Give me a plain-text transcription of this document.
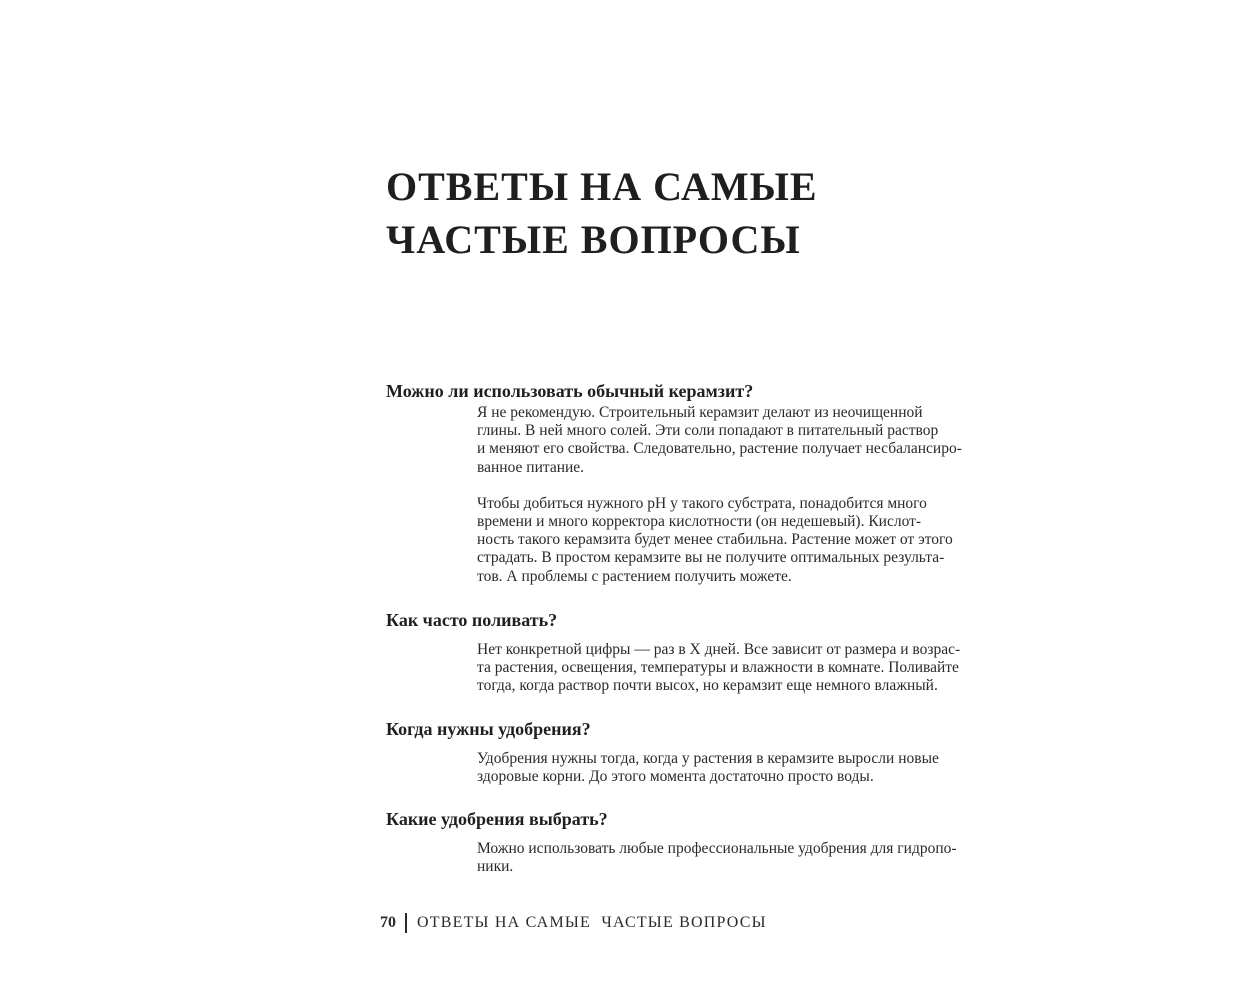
ОТВЕТЫ НА САМЫЕ
ЧАСТЫЕ ВОПРОСЫ
Можно ли использовать обычный керамзит?
Я не рекомендую. Строительный керамзит делают из неочищенной
глины. В ней много солей. Эти соли попадают в питательный раствор
и меняют его свойства. Следовательно, растение получает несбалансиро-
ванное питание.
Чтобы добиться нужного pH у такого субстрата, понадобится много
времени и много корректора кислотности (он недешевый). Кислот-
ность такого керамзита будет менее стабильна. Растение может от этого
страдать. В простом керамзите вы не получите оптимальных результа-
тов. А проблемы с растением получить можете.
Как часто поливать?
Нет конкретной цифры — раз в X дней. Все зависит от размера и возрас-
та растения, освещения, температуры и влажности в комнате. Поливайте
тогда, когда раствор почти высох, но керамзит еще немного влажный.
Когда нужны удобрения?
Удобрения нужны тогда, когда у растения в керамзите выросли новые
здоровые корни. До этого момента достаточно просто воды.
Какие удобрения выбрать?
Можно использовать любые профессиональные удобрения для гидропо-
ники.
70 ОТВЕТЫ НА САМЫЕ  ЧАСТЫЕ ВОПРОСЫ
